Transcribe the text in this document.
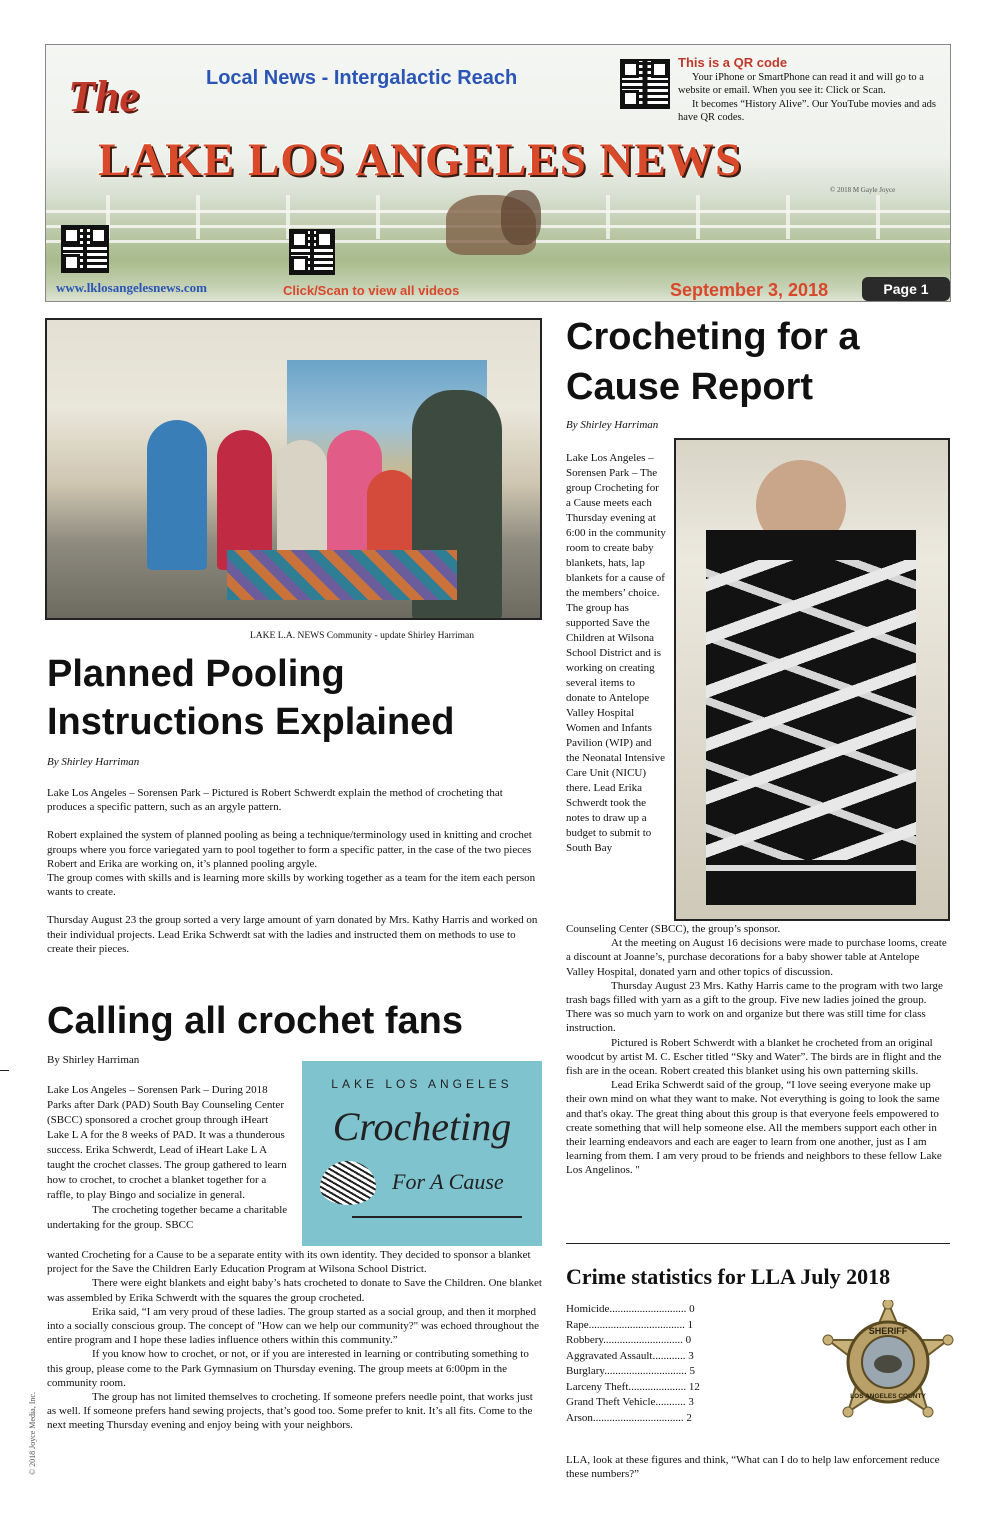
The	Local News - Intergalactic Reach
This is a QR code
Your iPhone or SmartPhone can read it and will go to a website or email. When you see it: Click or Scan.
It becomes “History Alive”. Our YouTube movies and ads have QR codes.
LAKE LOS ANGELES NEWS
© 2018 M Gayle Joyce
www.lklosangelesnews.com	Click/Scan to view all videos	September 3, 2018	Page 1
LAKE L.A. NEWS Community - update Shirley Harriman
Planned Pooling
Instructions Explained
By Shirley Harriman

Lake Los Angeles – Sorensen Park – Pictured is Robert Schwerdt explain the method of crocheting that produces a specific pattern, such as an argyle pattern.

Robert explained the system of planned pooling as being a technique/terminology used in knitting and crochet groups where you force variegated yarn to pool together to form a specific patter, in the case of the two pieces Robert and Erika are working on, it’s planned pooling argyle.

The group comes with skills and is learning more skills by working together as a team for the item each person wants to create.

Thursday August 23 the group sorted a very large amount of yarn donated by Mrs. Kathy Harris and worked on their individual projects. Lead Erika Schwerdt sat with the ladies and instructed them on methods to use to create their pieces.

Crocheting for a
Cause Report
By Shirley Harriman
Lake Los Angeles – Sorensen Park – The group Crocheting for a Cause meets each Thursday evening at 6:00 in the community room to create baby blankets, hats, lap blankets for a cause of the members’ choice. The group has supported Save the Children at Wilsona School District and is working on creating several items to donate to Antelope Valley Hospital Women and Infants Pavilion (WIP) and the Neonatal Intensive Care Unit (NICU) there. Lead Erika Schwerdt took the notes to draw up a budget to submit to South Bay

Counseling Center (SBCC), the group’s sponsor.

At the meeting on August 16 decisions were made to purchase looms, create a discount at Joanne’s, purchase decorations for a baby shower table at Antelope Valley Hospital, donated yarn and other topics of discussion.

Thursday August 23 Mrs. Kathy Harris came to the program with two large trash bags filled with yarn as a gift to the group. Five new ladies joined the group. There was so much yarn to work on and organize but there was still time for class instruction.

Pictured is Robert Schwerdt with a blanket he crocheted from an original woodcut by artist M. C. Escher titled “Sky and Water”. The birds are in flight and the fish are in the ocean. Robert created this blanket using his own patterning skills.

Lead Erika Schwerdt said of the group, “I love seeing everyone make up their own mind on what they want to make. Not everything is going to look the same and that's okay. The great thing about this group is that everyone feels empowered to create something that will help someone else. All the members support each other in their learning endeavors and each are eager to learn from one another, just as I am learning from them. I am very proud to be friends and neighbors to these fellow Lake Los Angelinos. "

Calling all crochet fans
By Shirley Harriman

Lake Los Angeles – Sorensen Park – During 2018 Parks after Dark (PAD) South Bay Counseling Center (SBCC) sponsored a crochet group through iHeart Lake L A for the 8 weeks of PAD. It was a thunderous success. Erika Schwerdt, Lead of iHeart Lake L A taught the crochet classes. The group gathered to learn how to crochet, to crochet a blanket together for a raffle, to play Bingo and socialize in general.

The crocheting together became a charitable undertaking for the group. SBCC

LAKE LOS ANGELES
Crocheting
For A Cause

wanted Crocheting for a Cause to be a separate entity with its own identity. They decided to sponsor a blanket project for the Save the Children Early Education Program at Wilsona School District.

There were eight blankets and eight baby’s hats crocheted to donate to Save the Children. One blanket was assembled by Erika Schwerdt with the squares the group crocheted.

Erika said, “I am very proud of these ladies. The group started as a social group, and then it morphed into a socially conscious group. The concept of "How can we help our community?" was echoed throughout the entire program and I hope these ladies influence others within this community.”

If you know how to crochet, or not, or if you are interested in learning or contributing something to this group, please come to the Park Gymnasium on Thursday evening. The group meets at 6:00pm in the community room.

The group has not limited themselves to crocheting. If someone prefers needle point, that works just as well. If someone prefers hand sewing projects, that’s good too. Some prefer to knit. It’s all fits. Come to the next meeting Thursday evening and enjoy being with your neighbors.

Crime statistics for LLA July 2018
Homicide............................ 0
Rape................................... 1
Robbery............................. 0
Aggravated Assault............ 3
Burglary.............................. 5
Larceny Theft..................... 12
Grand Theft Vehicle........... 3
Arson................................. 2
SHERIFF
LOS ANGELES COUNTY
LLA, look at these figures and think, “What can I do to help law enforcement reduce these numbers?”
© 2018 Joyce Media, Inc.
